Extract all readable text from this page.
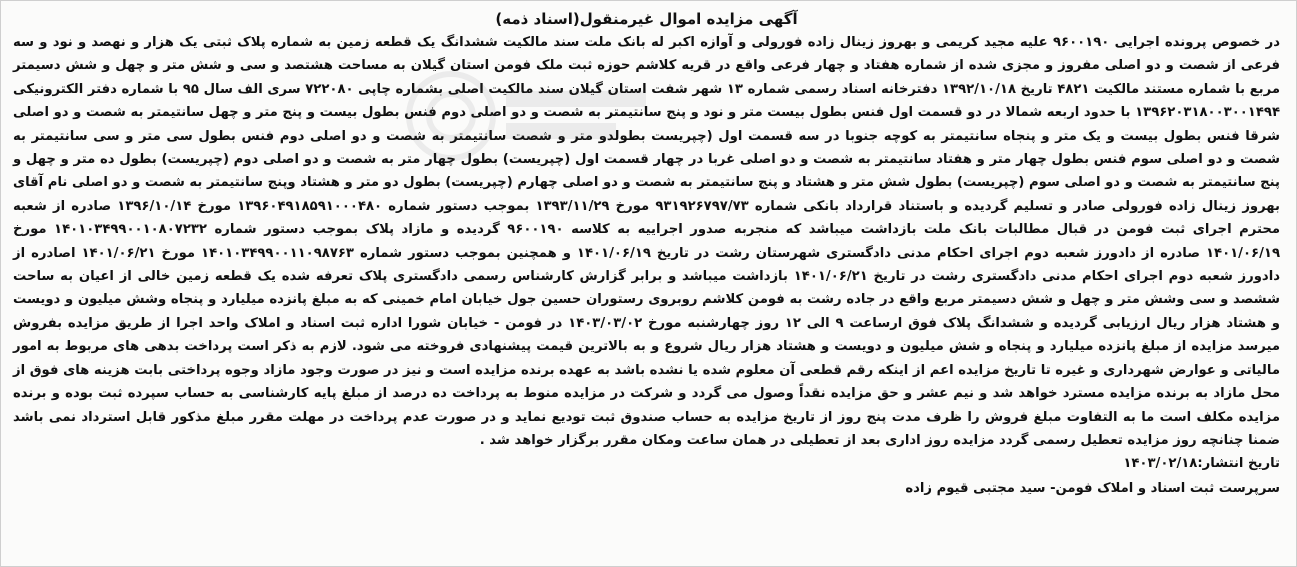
آگهی مزایده اموال غیرمنقول(اسناد ذمه)

در خصوص پرونده اجرایی ۹۶۰۰۱۹۰ علیه مجید کریمی و بهروز زینال زاده فورولی و آوازه اکبر له بانک ملت سند مالکیت ششدانگ یک قطعه زمین به شماره پلاک ثبتی یک هزار و نهصد و نود و سه فرعی از شصت و دو اصلی مفروز و مجزی شده از شماره هفتاد و چهار فرعی واقع در قریه کلاشم حوزه ثبت ملک فومن استان گیلان به مساحت هشتصد و سی و شش متر و چهل و شش دسیمتر مربع با شماره مستند مالکیت ۴۸۲۱ تاریخ ۱۳۹۲/۱۰/۱۸ دفترخانه اسناد رسمی شماره ۱۳ شهر شفت استان گیلان سند مالکیت اصلی بشماره چاپی ۷۲۲۰۸۰ سری الف سال ۹۵ با شماره دفتر الکترونیکی ۱۳۹۶۲۰۳۱۸۰۰۳۰۰۱۴۹۴ با حدود اربعه شمالا در دو قسمت اول فنس بطول بیست متر و نود و پنج سانتیمتر به شصت و دو اصلی دوم فنس بطول بیست و پنج متر و چهل سانتیمتر به شصت و دو اصلی شرقا فنس بطول بیست و یک متر و پنجاه سانتیمتر به کوچه جنوبا در سه قسمت اول (چپریست بطولدو متر و شصت سانتیمتر به شصت و دو اصلی دوم فنس بطول سی متر و سی سانتیمتر به شصت و دو اصلی سوم فنس بطول چهار متر و هفتاد سانتیمتر به شصت و دو اصلی غربا در چهار قسمت اول (چپریست) بطول چهار متر به شصت و دو اصلی دوم (چپریست) بطول ده متر و چهل و پنج سانتیمتر به شصت و دو اصلی سوم (چپریست) بطول شش متر و هشتاد و پنج سانتیمتر به شصت و دو اصلی چهارم (چپریست) بطول دو متر و هشتاد وپنج سانتیمتر به شصت و دو اصلی نام آقای بهروز زینال زاده فورولی صادر و تسلیم گردیده و باستناد قرارداد بانکی شماره ۹۳۱۹۲۶۷۹۷/۷۳ مورخ ۱۳۹۳/۱۱/۲۹ بموجب دستور شماره ۱۳۹۶۰۴۹۱۸۵۹۱۰۰۰۴۸۰ مورخ ۱۳۹۶/۱۰/۱۴ صادره از شعبه محترم اجرای ثبت فومن در قبال مطالبات بانک ملت بازداشت میباشد که منجربه صدور اجراییه به کلاسه ۹۶۰۰۱۹۰ گردیده و مازاد پلاک بموجب دستور شماره ۱۴۰۱۰۳۴۹۹۰۰۱۰۸۰۷۲۳۲ مورخ ۱۴۰۱/۰۶/۱۹ صادره از دادورز شعبه دوم اجرای احکام مدنی دادگستری شهرستان رشت در تاریخ ۱۴۰۱/۰۶/۱۹ و همچنین بموجب دستور شماره ۱۴۰۱۰۳۴۹۹۰۰۱۱۰۹۸۷۶۳ مورخ ۱۴۰۱/۰۶/۲۱ اصادره از دادورز شعبه دوم اجرای احکام مدنی دادگستری رشت در تاریخ ۱۴۰۱/۰۶/۲۱ بازداشت میباشد و برابر گزارش کارشناس رسمی دادگستری پلاک تعرفه شده یک قطعه زمین خالی از اعیان به ساحت ششصد و سی وشش متر و چهل و شش دسیمتر مربع واقع در جاده رشت به فومن کلاشم روبروی رستوران حسین جول خیابان امام خمینی که به مبلغ پانزده میلیارد و پنجاه وشش میلیون و دویست و هشتاد هزار ریال ارزیابی گردیده و ششدانگ پلاک فوق ارساعت ۹ الی ۱۲ روز چهارشنبه مورخ ۱۴۰۳/۰۳/۰۲ در فومن - خیابان شورا اداره ثبت اسناد و املاک واحد اجرا از طریق مزایده بفروش میرسد مزایده از مبلغ پانزده میلیارد و پنجاه و شش میلیون و دویست و هشتاد هزار ریال شروع و به بالاترین قیمت پیشنهادی فروخته می شود. لازم به ذکر است پرداخت بدهی های مربوط به امور مالیاتی و عوارض شهرداری و غیره تا تاریخ مزایده اعم از اینکه رقم قطعی آن معلوم شده یا نشده باشد به عهده برنده مزایده است و نیز در صورت وجود مازاد وجوه پرداختی بابت هزینه های فوق از محل مازاد به برنده مزایده مسترد خواهد شد و نیم عشر و حق مزایده نقداً وصول می گردد و شرکت در مزایده منوط به پرداخت ده درصد از مبلغ پایه کارشناسی به حساب سپرده ثبت بوده و برنده مزایده مکلف است ما به التفاوت مبلغ فروش را ظرف مدت پنج روز از تاریخ مزایده به حساب صندوق ثبت تودیع نماید و در صورت عدم پرداخت در مهلت مقرر مبلغ مذکور قابل استرداد نمی باشد ضمنا چنانچه روز مزایده تعطیل رسمی گردد مزایده روز اداری بعد از تعطیلی در همان ساعت ومکان مقرر برگزار خواهد شد .

تاریخ انتشار:۱۴۰۳/۰۲/۱۸

سرپرست ثبت اسناد و املاک فومن- سید مجتبی قیوم زاده
